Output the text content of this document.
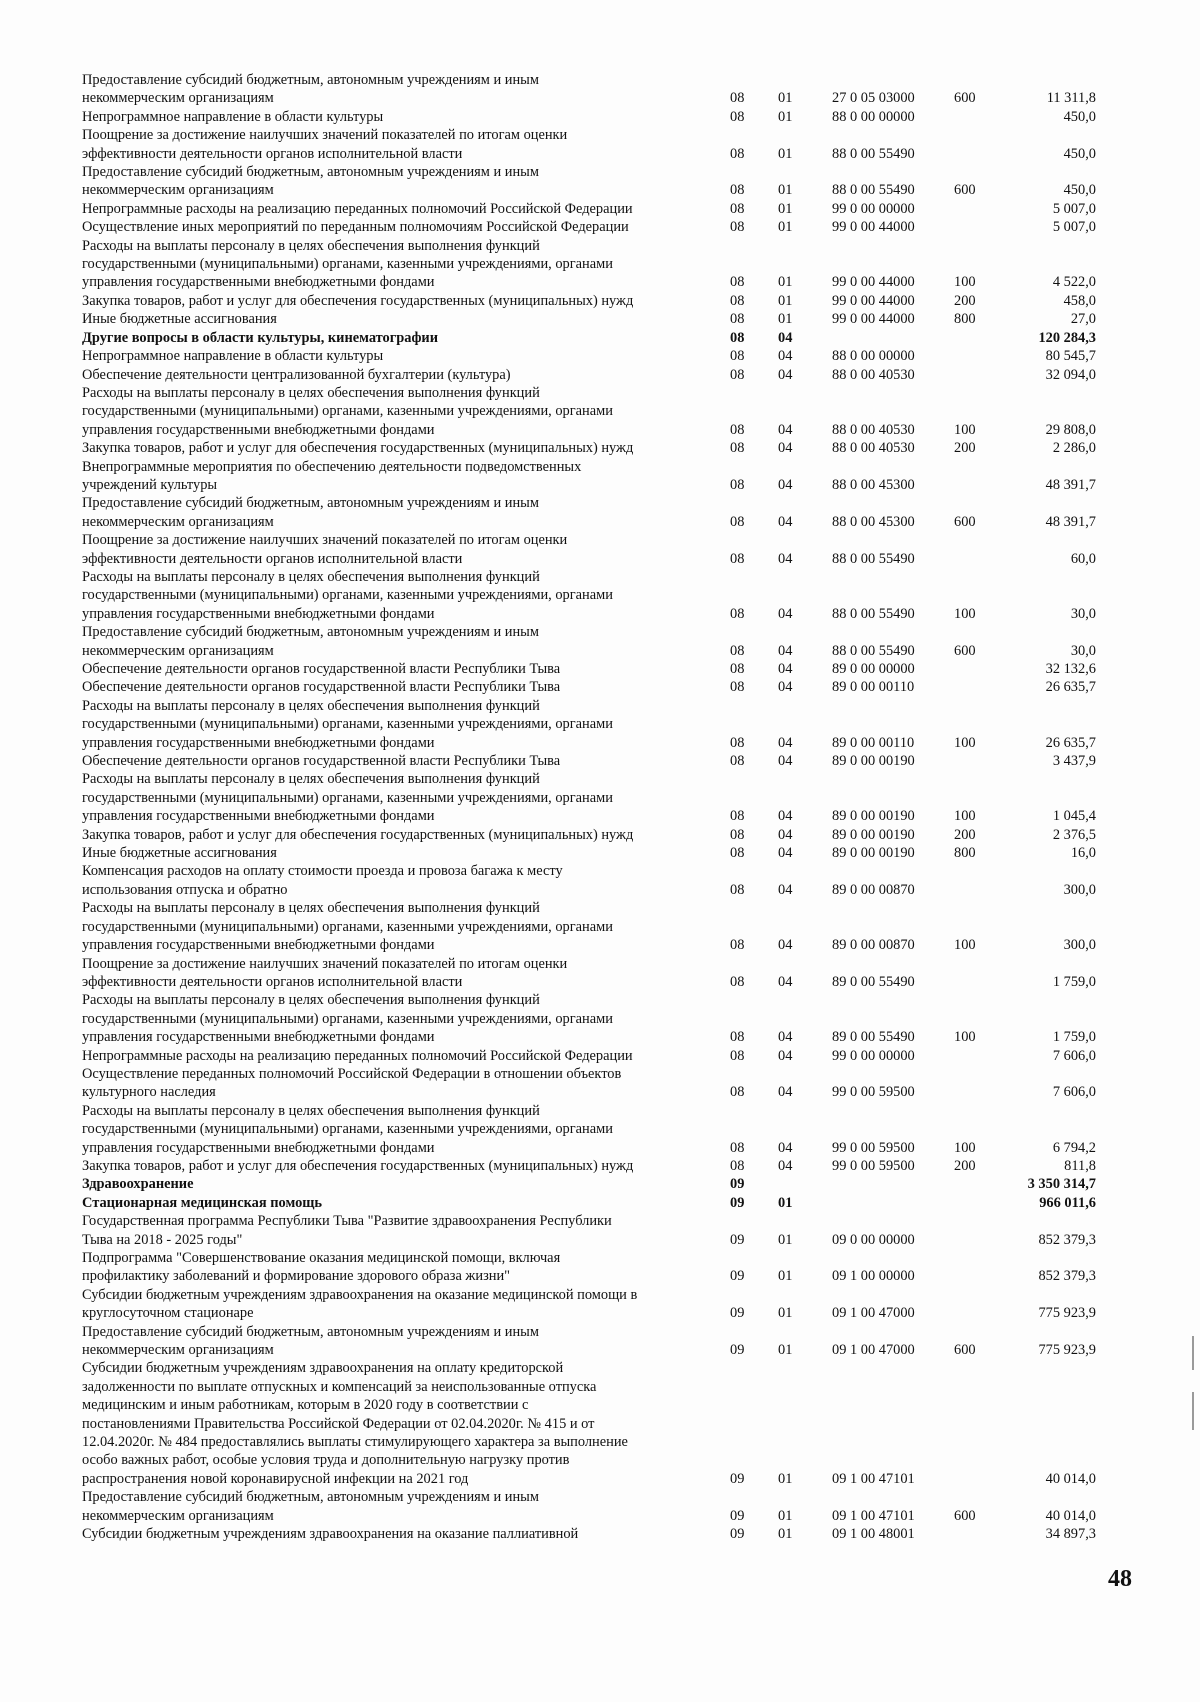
Предоставление субсидий бюджетным, автономным учреждениям и иным
некоммерческим организациям	08	01	27 0 05 03000	600	11 311,8
Непрограммное направление в области культуры	08	01	88 0 00 00000	450,0
Поощрение за достижение наилучших значений показателей по итогам оценки
эффективности деятельности органов исполнительной власти	08	01	88 0 00 55490	450,0
Предоставление субсидий бюджетным, автономным учреждениям и иным
некоммерческим организациям	08	01	88 0 00 55490	600	450,0
Непрограммные расходы на реализацию переданных полномочий Российской Федерации	08	01	99 0 00 00000	5 007,0
Осуществление иных мероприятий по переданным полномочиям Российской Федерации	08	01	99 0 00 44000	5 007,0
Расходы на выплаты персоналу в целях обеспечения выполнения функций
государственными (муниципальными) органами, казенными учреждениями, органами
управления государственными внебюджетными фондами	08	01	99 0 00 44000	100	4 522,0
Закупка товаров, работ и услуг для обеспечения государственных (муниципальных) нужд	08	01	99 0 00 44000	200	458,0
Иные бюджетные ассигнования	08	01	99 0 00 44000	800	27,0
Другие вопросы в области культуры, кинематографии	08	04	120 284,3
Непрограммное направление в области культуры	08	04	88 0 00 00000	80 545,7
Обеспечение деятельности централизованной бухгалтерии (культура)	08	04	88 0 00 40530	32 094,0
Расходы на выплаты персоналу в целях обеспечения выполнения функций
государственными (муниципальными) органами, казенными учреждениями, органами
управления государственными внебюджетными фондами	08	04	88 0 00 40530	100	29 808,0
Закупка товаров, работ и услуг для обеспечения государственных (муниципальных) нужд	08	04	88 0 00 40530	200	2 286,0
Внепрограммные мероприятия по обеспечению деятельности подведомственных
учреждений культуры	08	04	88 0 00 45300	48 391,7
Предоставление субсидий бюджетным, автономным учреждениям и иным
некоммерческим организациям	08	04	88 0 00 45300	600	48 391,7
Поощрение за достижение наилучших значений показателей по итогам оценки
эффективности деятельности органов исполнительной власти	08	04	88 0 00 55490	60,0
Расходы на выплаты персоналу в целях обеспечения выполнения функций
государственными (муниципальными) органами, казенными учреждениями, органами
управления государственными внебюджетными фондами	08	04	88 0 00 55490	100	30,0
Предоставление субсидий бюджетным, автономным учреждениям и иным
некоммерческим организациям	08	04	88 0 00 55490	600	30,0
Обеспечение деятельности органов государственной власти Республики Тыва	08	04	89 0 00 00000	32 132,6
Обеспечение деятельности органов государственной власти Республики Тыва	08	04	89 0 00 00110	26 635,7
Расходы на выплаты персоналу в целях обеспечения выполнения функций
государственными (муниципальными) органами, казенными учреждениями, органами
управления государственными внебюджетными фондами	08	04	89 0 00 00110	100	26 635,7
Обеспечение деятельности органов государственной власти Республики Тыва	08	04	89 0 00 00190	3 437,9
Расходы на выплаты персоналу в целях обеспечения выполнения функций
государственными (муниципальными) органами, казенными учреждениями, органами
управления государственными внебюджетными фондами	08	04	89 0 00 00190	100	1 045,4
Закупка товаров, работ и услуг для обеспечения государственных (муниципальных) нужд	08	04	89 0 00 00190	200	2 376,5
Иные бюджетные ассигнования	08	04	89 0 00 00190	800	16,0
Компенсация расходов на оплату стоимости проезда и провоза багажа к месту
использования отпуска и обратно	08	04	89 0 00 00870	300,0
Расходы на выплаты персоналу в целях обеспечения выполнения функций
государственными (муниципальными) органами, казенными учреждениями, органами
управления государственными внебюджетными фондами	08	04	89 0 00 00870	100	300,0
Поощрение за достижение наилучших значений показателей по итогам оценки
эффективности деятельности органов исполнительной власти	08	04	89 0 00 55490	1 759,0
Расходы на выплаты персоналу в целях обеспечения выполнения функций
государственными (муниципальными) органами, казенными учреждениями, органами
управления государственными внебюджетными фондами	08	04	89 0 00 55490	100	1 759,0
Непрограммные расходы на реализацию переданных полномочий Российской Федерации	08	04	99 0 00 00000	7 606,0
Осуществление переданных полномочий Российской Федерации в отношении объектов
культурного наследия	08	04	99 0 00 59500	7 606,0
Расходы на выплаты персоналу в целях обеспечения выполнения функций
государственными (муниципальными) органами, казенными учреждениями, органами
управления государственными внебюджетными фондами	08	04	99 0 00 59500	100	6 794,2
Закупка товаров, работ и услуг для обеспечения государственных (муниципальных) нужд	08	04	99 0 00 59500	200	811,8
Здравоохранение	09	3 350 314,7
Стационарная медицинская помощь	09	01	966 011,6
Государственная программа Республики Тыва "Развитие здравоохранения Республики
Тыва на 2018 - 2025 годы"	09	01	09 0 00 00000	852 379,3
Подпрограмма "Совершенствование оказания медицинской помощи, включая
профилактику заболеваний и формирование здорового образа жизни"	09	01	09 1 00 00000	852 379,3
Субсидии бюджетным учреждениям здравоохранения на оказание медицинской помощи в
круглосуточном стационаре	09	01	09 1 00 47000	775 923,9
Предоставление субсидий бюджетным, автономным учреждениям и иным
некоммерческим организациям	09	01	09 1 00 47000	600	775 923,9
Субсидии бюджетным учреждениям здравоохранения на оплату кредиторской
задолженности по выплате отпускных и компенсаций за неиспользованные отпуска
медицинским и иным работникам, которым в 2020 году в соответствии с
постановлениями Правительства Российской Федерации от 02.04.2020г. № 415 и от
12.04.2020г. № 484 предоставлялись выплаты стимулирующего характера за выполнение
особо важных работ, особые условия труда и дополнительную нагрузку против
распространения новой коронавирусной инфекции на 2021 год	09	01	09 1 00 47101	40 014,0
Предоставление субсидий бюджетным, автономным учреждениям и иным
некоммерческим организациям	09	01	09 1 00 47101	600	40 014,0
Субсидии бюджетным учреждениям здравоохранения на оказание паллиативной	09	01	09 1 00 48001	34 897,3
48
